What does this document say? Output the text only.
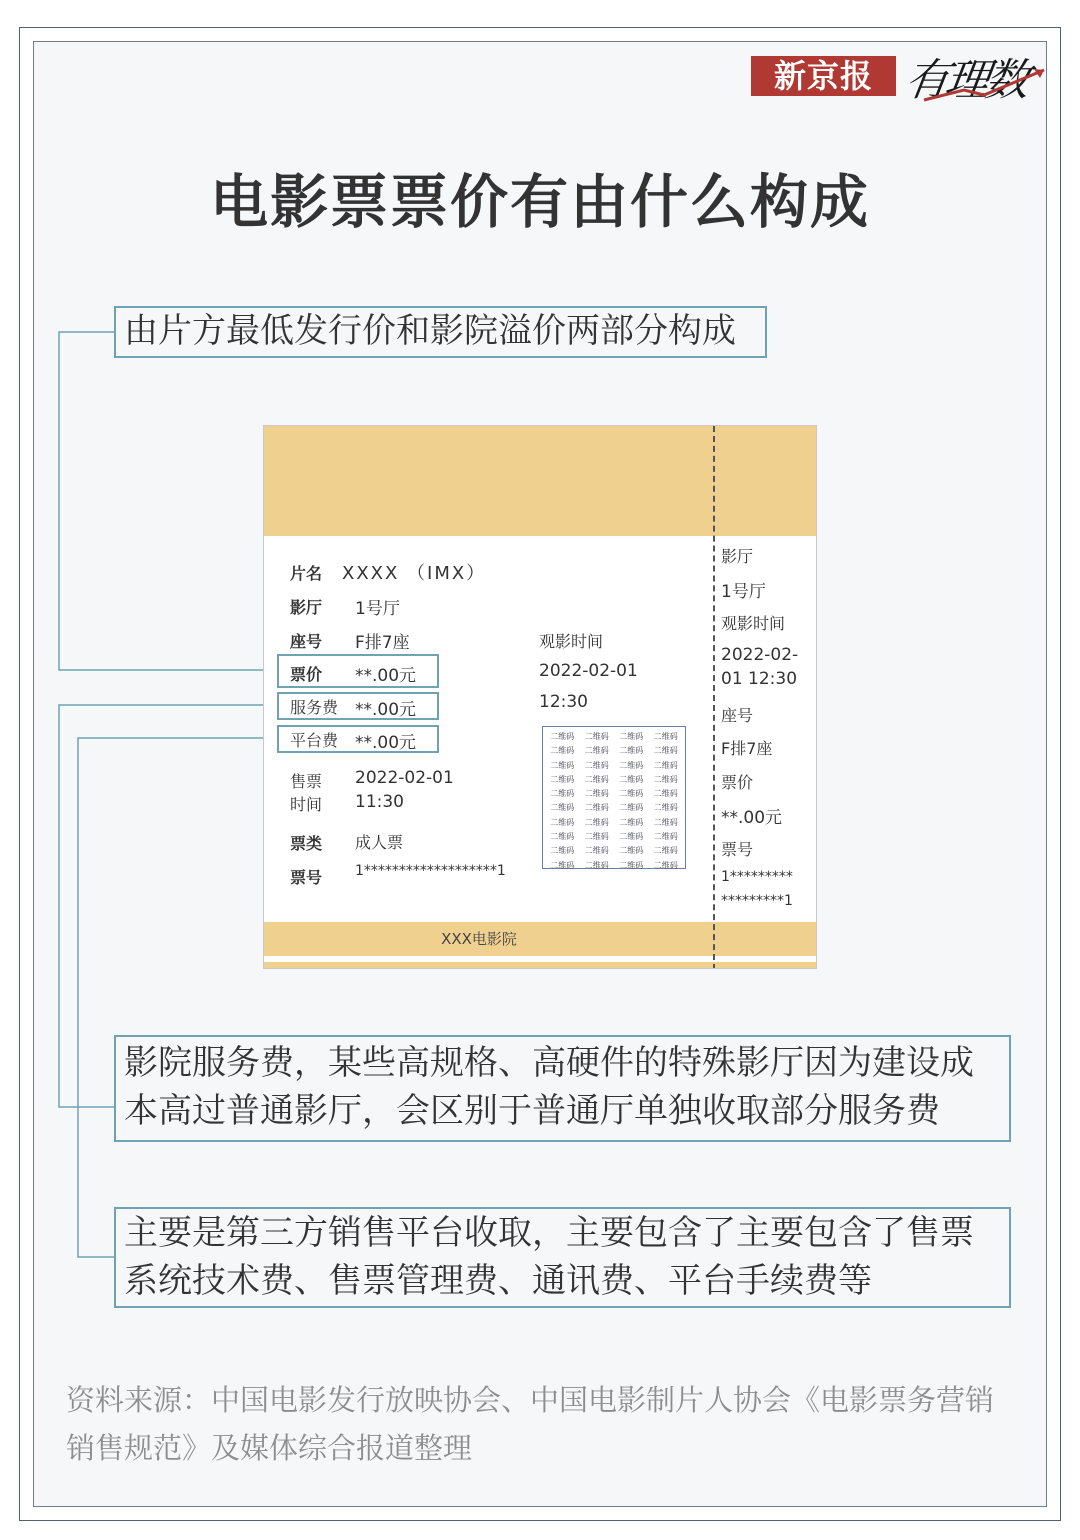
新京报 有理数
电影票票价有由什么构成
由片方最低发行价和影院溢价两部分构成
影院服务费，某些高规格、高硬件的特殊影厅因为建设成
本高过普通影厅，会区别于普通厅单独收取部分服务费
主要是第三方销售平台收取，主要包含了主要包含了售票
系统技术费、售票管理费、通讯费、平台手续费等
XXX电影院
片名 XXXX （IMX）
影厅 1号厅
座号 F排7座
票价 **.00元
服务费 **.00元
平台费 **.00元
售票
时间
2022-02-01
11:30
票类 成人票
票号 1*******************1
观影时间
2022-02-01
12:30
二维码	二维码	二维码	二维码
二维码	二维码	二维码	二维码
二维码	二维码	二维码	二维码
二维码	二维码	二维码	二维码
二维码	二维码	二维码	二维码
二维码	二维码	二维码	二维码
二维码	二维码	二维码	二维码
二维码	二维码	二维码	二维码
二维码	二维码	二维码	二维码
二维码	二维码	二维码	二维码
影厅
1号厅
观影时间
2022-02-
01 12:30
座号
F排7座
票价
**.00元
票号
1*********
*********1
资料来源：中国电影发行放映协会、中国电影制片人协会《电影票务营销
销售规范》及媒体综合报道整理
